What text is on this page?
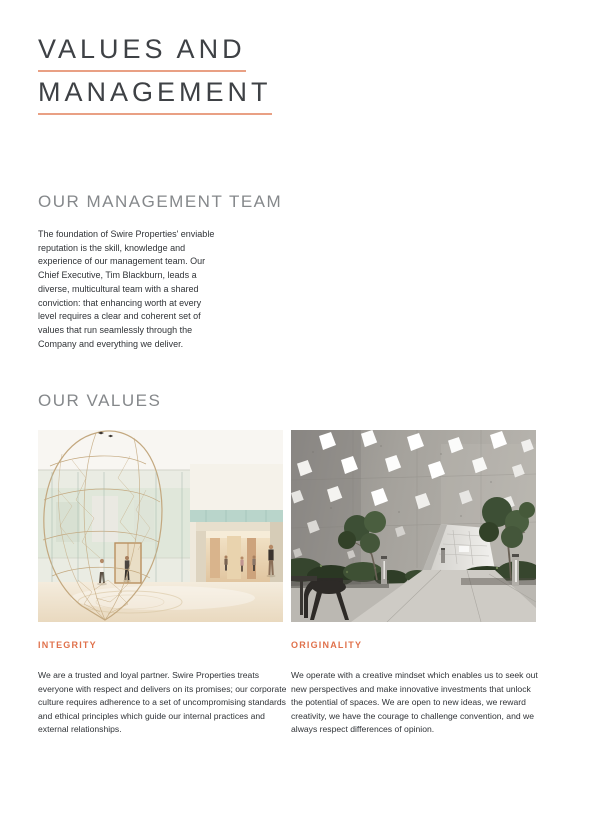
VALUES AND
MANAGEMENT
OUR MANAGEMENT TEAM

The foundation of Swire Properties' enviable reputation is the skill, knowledge and experience of our management team. Our Chief Executive, Tim Blackburn, leads a diverse, multicultural team with a shared conviction: that enhancing worth at every level requires a clear and coherent set of values that run seamlessly through the Company and everything we deliver.

OUR VALUES
INTEGRITY	ORIGINALITY

We are a trusted and loyal partner. Swire Properties treats everyone with respect and delivers on its promises; our corporate culture requires adherence to a set of uncompromising standards and ethical principles which guide our internal practices and external relationships.

We operate with a creative mindset which enables us to seek out new perspectives and make innovative investments that unlock the potential of spaces. We are open to new ideas, we reward creativity, we have the courage to challenge convention, and we always respect differences of opinion.
